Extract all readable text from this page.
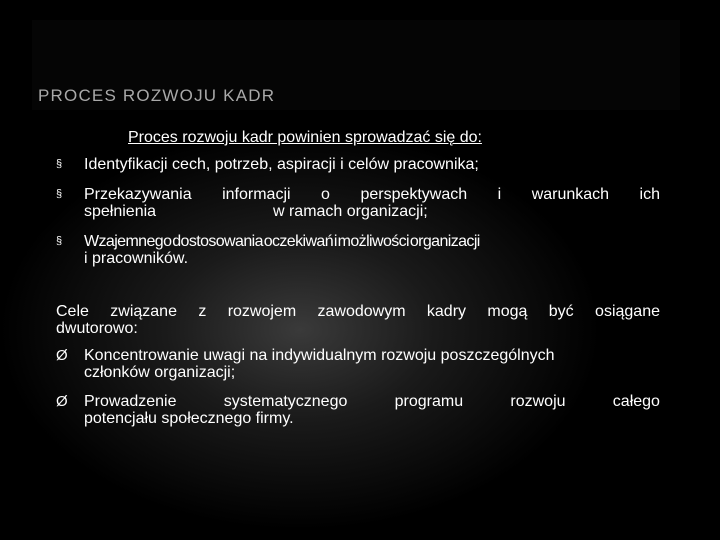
PROCES ROZWOJU KADR
Proces rozwoju kadr powinien sprowadzać się do:
§ Identyfikacji cech, potrzeb, aspiracji i celów pracownika;
§ Przekazywania informacji o perspektywach i warunkach ich
spełnienia	w ramach organizacji;
§ Wzajemnego dostosowania oczekiwań i możliwości organizacji
i pracowników.
Cele związane z rozwojem zawodowym kadry mogą być osiągane
dwutorowo:
Ø Koncentrowanie uwagi na indywidualnym rozwoju poszczególnych
członków organizacji;
Ø Prowadzenie	systematycznego	programu	rozwoju	całego
potencjału społecznego firmy.
